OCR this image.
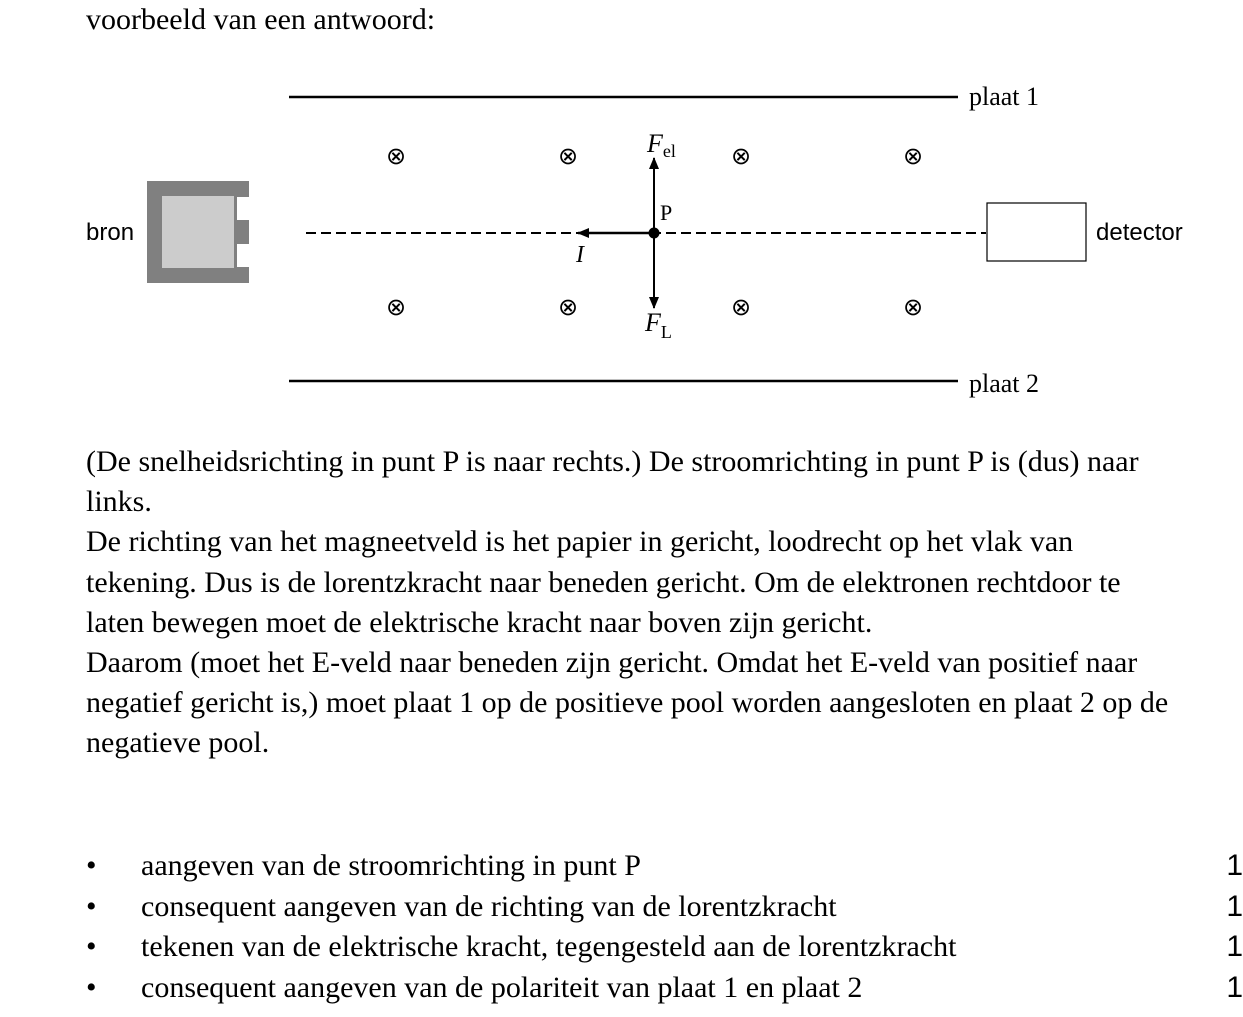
voorbeeld van een antwoord:
plaat 1
plaat 2
bron	detector
⊗	⊗	⊗	⊗
⊗	⊗	⊗	⊗
P
I
Fel
FL

(De snelheidsrichting in punt P is naar rechts.) De stroomrichting in punt P is (dus) naar links.

De richting van het magneetveld is het papier in gericht, loodrecht op het vlak van tekening. Dus is de lorentzkracht naar beneden gericht. Om de elektronen rechtdoor te laten bewegen moet de elektrische kracht naar boven zijn gericht.

Daarom (moet het E-veld naar beneden zijn gericht. Omdat het E-veld van positief naar negatief gericht is,) moet plaat 1 op de positieve pool worden aangesloten en plaat 2 op de negatieve pool.

• aangeven van de stroomrichting in punt P	1
• consequent aangeven van de richting van de lorentzkracht	1
• tekenen van de elektrische kracht, tegengesteld aan de lorentzkracht	1
• consequent aangeven van de polariteit van plaat 1 en plaat 2	1
